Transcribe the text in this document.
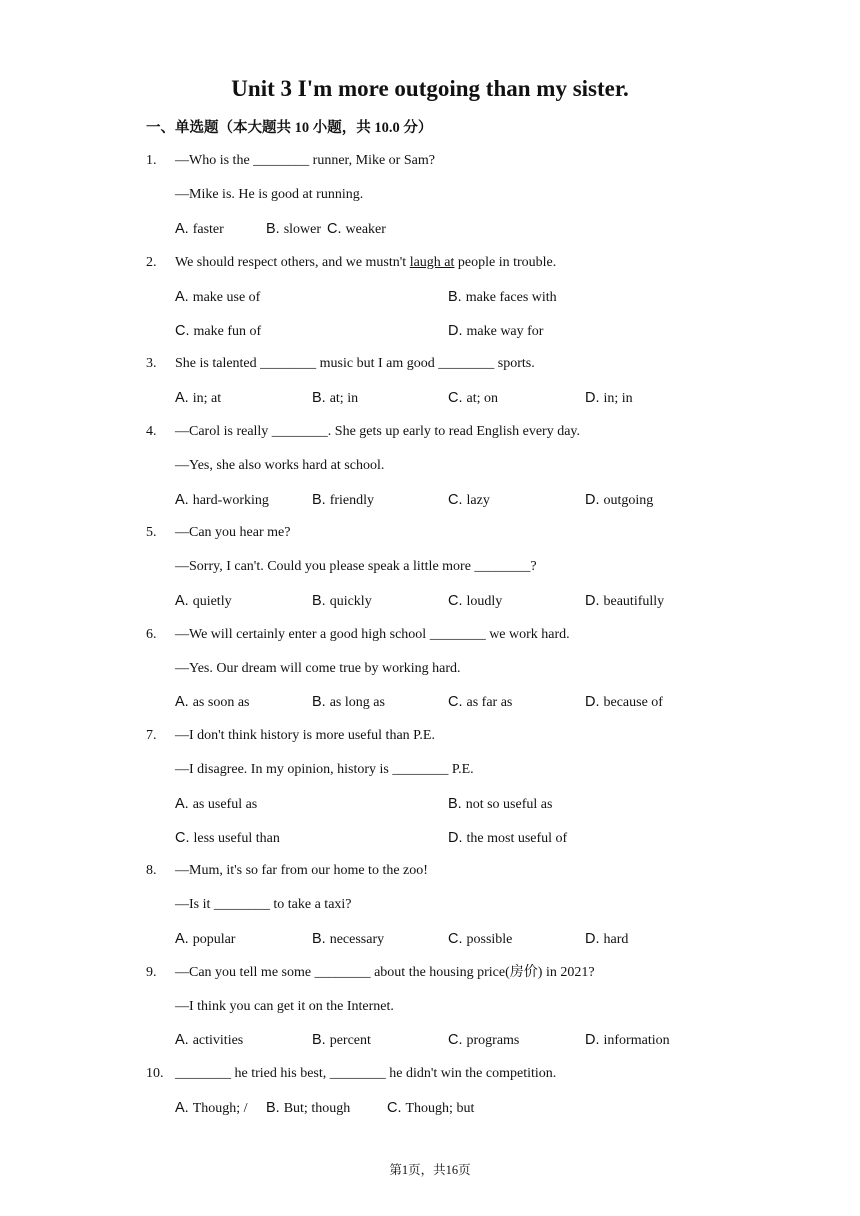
Unit 3 I'm more outgoing than my sister.
一、单选题（本大题共 10 小题，共 10.0 分）
1. —Who is the ________ runner, Mike or Sam?
—Mike is. He is good at running.
A. faster	B. slower C. weaker
2. We should respect others, and we mustn't laugh at people in trouble.
A. make use of	B. make faces with
C. make fun of	D. make way for
3. She is talented ________ music but I am good ________ sports.
A. in; at	B. at; in	C. at; on	D. in; in
4. —Carol is really ________. She gets up early to read English every day.
—Yes, she also works hard at school.
A. hard-working	B. friendly	C. lazy	D. outgoing
5. —Can you hear me?
—Sorry, I can't. Could you please speak a little more ________?
A. quietly	B. quickly	C. loudly	D. beautifully
6. —We will certainly enter a good high school ________ we work hard.
—Yes. Our dream will come true by working hard.
A. as soon as	B. as long as	C. as far as	D. because of
7. —I don't think history is more useful than P.E.
—I disagree. In my opinion, history is ________ P.E.
A. as useful as	B. not so useful as
C. less useful than	D. the most useful of
8. —Mum, it's so far from our home to the zoo!
—Is it ________ to take a taxi?
A. popular	B. necessary	C. possible	D. hard
9. —Can you tell me some ________ about the housing price(房价) in 2021?
—I think you can get it on the Internet.
A. activities	B. percent	C. programs	D. information
10. ________ he tried his best, ________ he didn't win the competition.
A. Though; / B. But; though	C. Though; but
第1页，共16页
